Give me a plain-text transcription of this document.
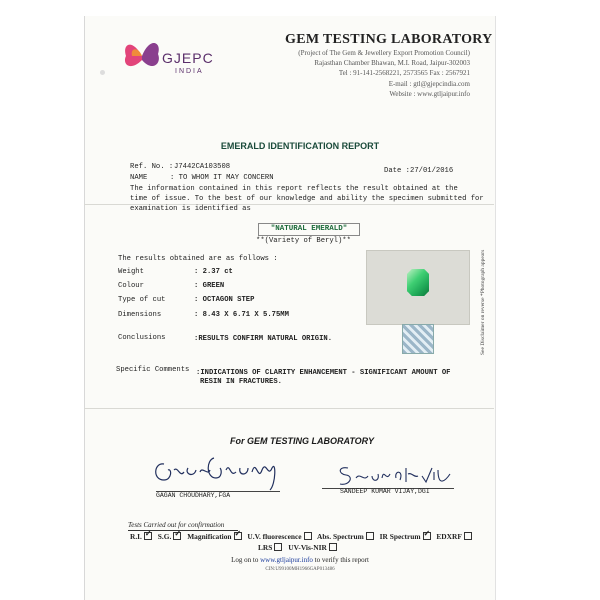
GJEPC
INDIA
GEM TESTING LABORATORY
(Project of The Gem & Jewellery Export Promotion Council)
Rajasthan Chamber Bhawan, M.I. Road, Jaipur-302003
Tel : 91-141-2568221, 2573565 Fax : 2567921
E-mail : gtl@gjepcindia.com
Website : www.gtljaipur.info
EMERALD IDENTIFICATION REPORT
Ref. No. : J7442CA103508	Date : 27/01/2016
NAME	: TO WHOM IT MAY CONCERN
The information contained in this report reflects the result obtained at the
time of issue. To the best of our knowledge and ability the specimen submitted for
examination is identified as
"NATURAL EMERALD"
**(Variety of Beryl)**
The results obtained are as follows :
Weight	: 2.37 ct
Colour	: GREEN
Type of cut	: OCTAGON STEP
Dimensions	: 8.43 X 6.71 X 5.75MM
Conclusions	:RESULTS CONFIRM NATURAL ORIGIN.
Specific Comments :INDICATIONS OF CLARITY ENHANCEMENT - SIGNIFICANT AMOUNT OF
RESIN IN FRACTURES.
See Disclaimer on reverse *Photograph appears
For GEM TESTING LABORATORY
GAGAN CHOUDHARY,FGA
SANDEEP KUMAR VIJAY,DGI
Tests Carried out for confirmation
R.I. ✓ S.G. ✓ Magnification ✓ U.V. fluorescence Abs. Spectrum IR Spectrum ✓ EDXRF
LRS UV-Vis-NIR
Log on to www.gtljaipur.info to verify this report
CIN:U99100MH1966GAP013486
